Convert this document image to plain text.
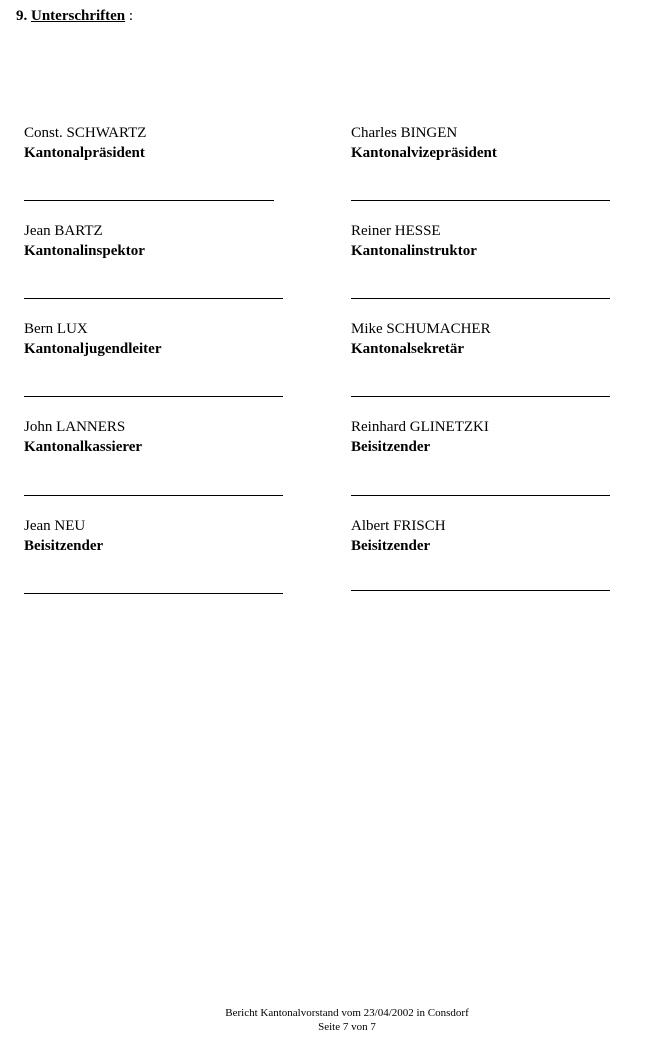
9. Unterschriften :
Const. SCHWARTZ
Kantonalpräsident
Charles BINGEN
Kantonalvizepräsident
Jean BARTZ
Kantonalinspektor
Reiner HESSE
Kantonalinstruktor
Bern LUX
Kantonaljugendleiter
Mike SCHUMACHER
Kantonalsekretär
John LANNERS
Kantonalkassierer
Reinhard GLINETZKI
Beisitzender
Jean NEU
Beisitzender
Albert FRISCH
Beisitzender
Bericht Kantonalvorstand vom 23/04/2002 in Consdorf
Seite 7 von 7
